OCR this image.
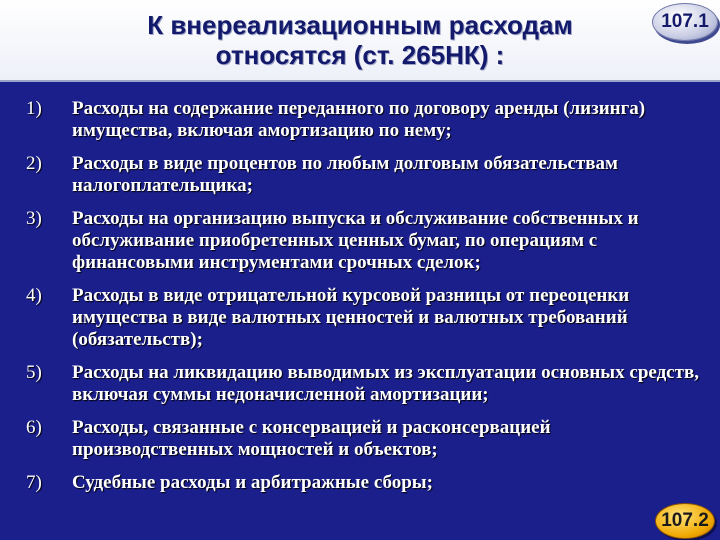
К внереализационным расходам относятся (ст. 265НК) :
107.1
1) Расходы на содержание переданного по договору аренды (лизинга) имущества, включая амортизацию по нему;
2) Расходы в виде процентов по любым долговым обязательствам налогоплательщика;
3) Расходы на организацию выпуска и обслуживание собственных и обслуживание приобретенных ценных бумаг, по операциям с финансовыми инструментами срочных сделок;
4) Расходы в виде отрицательной курсовой разницы от переоценки имущества в виде валютных ценностей и валютных требований (обязательств);
5) Расходы на ликвидацию выводимых из эксплуатации основных средств, включая суммы недоначисленной амортизации;
6) Расходы, связанные с консервацией и расконсервацией производственных мощностей и объектов;
7) Судебные расходы и арбитражные сборы;
107.2
